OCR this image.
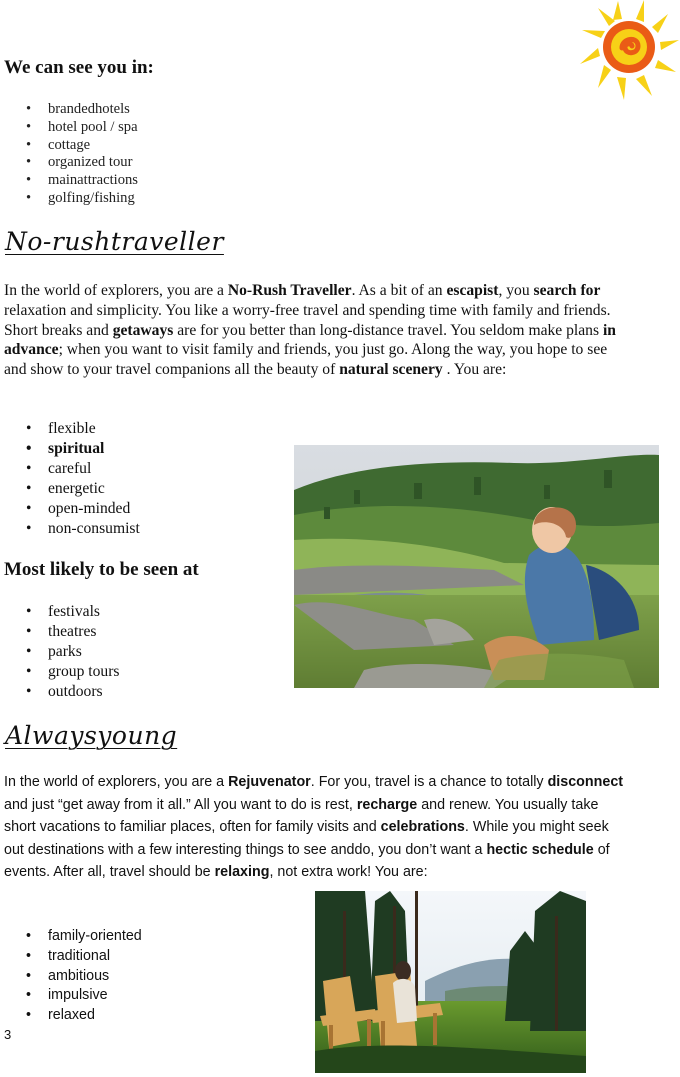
We can see you in:
• brandedhotels
• hotel pool / spa
• cottage
• organized tour
• mainattractions
• golfing/fishing
No-rushtraveller

In the world of explorers, you are a No-Rush Traveller. As a bit of an escapist, you search for relaxation and simplicity. You like a worry-free travel and spending time with family and friends. Short breaks and getaways are for you better than long-distance travel. You seldom make plans in advance; when you want to visit family and friends, you just go. Along the way, you hope to see and show to your travel companions all the beauty of natural scenery . You are:

• flexible
• spiritual
• careful
• energetic
• open-minded
• non-consumist
Most likely to be seen at
• festivals
• theatres
• parks
• group tours
• outdoors
Alwaysyoung

In the world of explorers, you are a Rejuvenator. For you, travel is a chance to totally disconnect and just “get away from it all.” All you want to do is rest, recharge and renew. You usually take short vacations to familiar places, often for family visits and celebrations. While you might seek out destinations with a few interesting things to see anddo, you don’t want a hectic schedule of events. After all, travel should be relaxing, not extra work! You are:

• family-oriented
• traditional
• ambitious
• impulsive
• relaxed
3
